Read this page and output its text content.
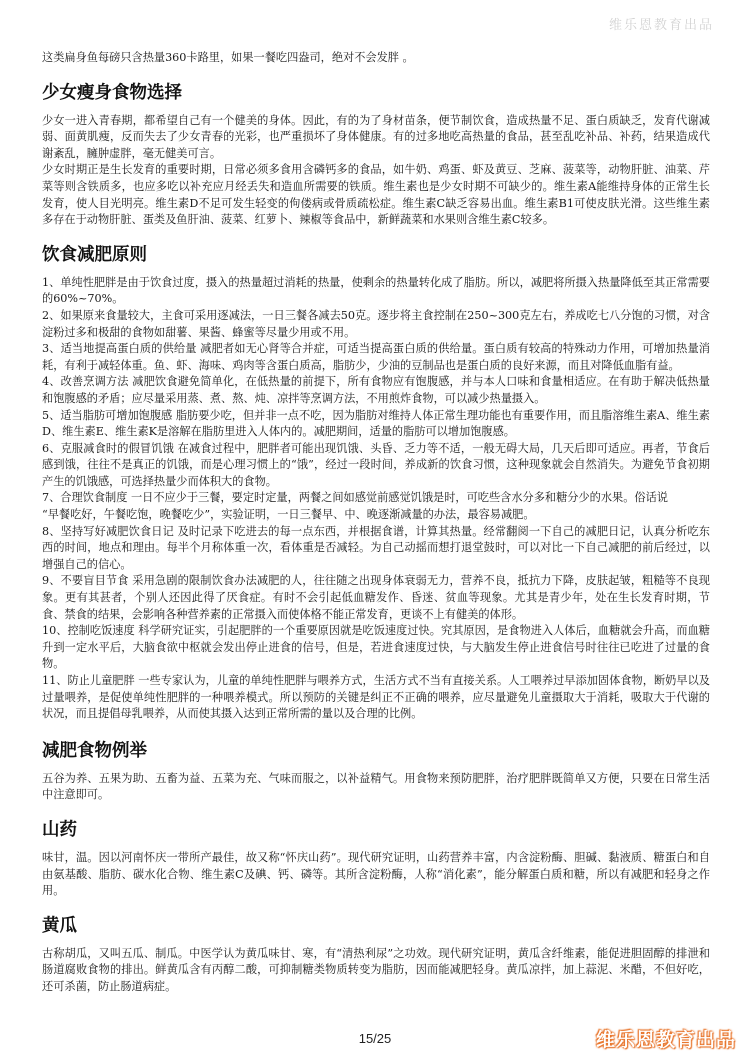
维乐恩教育出品

这类扁身鱼每磅只含热量360卡路里，如果一餐吃四盎司，绝对不会发胖 。

少女瘦身食物选择

少女一进入青春期，都希望自己有一个健美的身体。因此，有的为了身材苗条，便节制饮食，造成热量不足、蛋白质缺乏，发育代谢减弱、面黄肌瘦，反而失去了少女青春的光彩，也严重损坏了身体健康。有的过多地吃高热量的食品，甚至乱吃补品、补药，结果造成代谢紊乱，臃肿虚胖，毫无健美可言。

少女时期正是生长发育的重要时期，日常必须多食用含磷钙多的食品，如牛奶、鸡蛋、虾及黄豆、芝麻、菠菜等，动物肝脏、油菜、芹菜等则含铁质多，也应多吃以补充应月经丢失和造血所需要的铁质。维生素也是少女时期不可缺少的。维生素A能维持身体的正常生长发育，使人目光明亮。维生素D不足可发生轻变的佝偻病或骨质疏松症。维生素C缺乏容易出血。维生素B1可使皮肤光滑。这些维生素多存在于动物肝脏、蛋类及鱼肝油、菠菜、红萝卜、辣椒等食品中，新鲜蔬菜和水果则含维生素C较多。

饮食减肥原则

1、单纯性肥胖是由于饮食过度，摄入的热量超过消耗的热量，使剩余的热量转化成了脂肪。所以，减肥将所摄入热量降低至其正常需要的60%~70%。

2、如果原来食量较大，主食可采用逐减法，一日三餐各减去50克。逐步将主食控制在250~300克左右，养成吃七八分饱的习惯，对含淀粉过多和极甜的食物如甜薯、果酱、蜂蜜等尽量少用或不用。

3、适当地提高蛋白质的供给量 减肥者如无心肾等合并症，可适当提高蛋白质的供给量。蛋白质有较高的特殊动力作用，可增加热量消耗，有利于减轻体重。鱼、虾、海味、鸡肉等含蛋白质高，脂肪少，少油的豆制品也是蛋白质的良好来源，而且对降低血脂有益。

4、改善烹调方法 减肥饮食避免简单化，在低热量的前提下，所有食物应有饱腹感，并与本人口味和食量相适应。在有助于解决低热量和饱腹感的矛盾；应尽量采用蒸、煮、熬、炖、凉拌等烹调方法，不用煎炸食物，可以减少热量摄入。

5、适当脂肪可增加饱腹感 脂肪要少吃，但并非一点不吃，因为脂肪对维持人体正常生理功能也有重要作用，而且脂溶维生素A、维生素D、维生素E、维生素K是溶解在脂肪里进入人体内的。减肥期间，适量的脂肪可以增加饱腹感。

6、克服减食时的假冒饥饿 在减食过程中，肥胖者可能出现饥饿、头昏、乏力等不适，一般无碍大局，几天后即可适应。再者，节食后感到饿，往往不是真正的饥饿，而是心理习惯上的“饿”，经过一段时间，养成新的饮食习惯，这种现象就会自然消失。为避免节食初期产生的饥饿感，可选择热量少而体积大的食物。

7、合理饮食制度 一日不应少于三餐，要定时定量，两餐之间如感觉前感觉饥饿是时，可吃些含水分多和糖分少的水果。俗话说

“早餐吃好，午餐吃饱，晚餐吃少”，实验证明，一日三餐早、中、晚逐渐减量的办法，最容易减肥。

8、坚持写好减肥饮食日记 及时记录下吃进去的每一点东西，并根据食谱，计算其热量。经常翻阅一下自己的减肥日记，认真分析吃东西的时间，地点和理由。每半个月称体重一次，看体重是否减轻。为自己动摇而想打退堂鼓时，可以对比一下自己减肥的前后经过，以增强自己的信心。

9、不要盲目节食 采用急剧的限制饮食办法减肥的人，往往随之出现身体衰弱无力，营养不良，抵抗力下降，皮肤起皱，粗糙等不良现象。更有其甚者，个别人还因此得了厌食症。有时不会引起低血糖发作、昏迷、贫血等现象。尤其是青少年，处在生长发育时期，节食、禁食的结果，会影响各种营养素的正常摄入而使体格不能正常发育，更谈不上有健美的体形。

10、控制吃饭速度 科学研究证实，引起肥胖的一个重要原因就是吃饭速度过快。究其原因，是食物进入人体后，血糖就会升高，而血糖升到一定水平后，大脑食欲中枢就会发出停止进食的信号，但是，若进食速度过快，与大脑发生停止进食信号时往往已吃进了过量的食物。

11、防止儿童肥胖 一些专家认为，儿童的单纯性肥胖与喂养方式，生活方式不当有直接关系。人工喂养过早添加固体食物，断奶早以及过量喂养，是促使单纯性肥胖的一种喂养模式。所以预防的关键是纠正不正确的喂养，应尽量避免儿童摄取大于消耗，吸取大于代谢的状况，而且提倡母乳喂养，从而使其摄入达到正常所需的量以及合理的比例。

减肥食物例举

五谷为养、五果为助、五畜为益、五菜为充、气味而服之，以补益精气。用食物来预防肥胖，治疗肥胖既简单又方便，只要在日常生活中注意即可。

山药

味甘，温。因以河南怀庆一带所产最佳，故又称“怀庆山药”。现代研究证明，山药营养丰富，内含淀粉酶、胆碱、黏液质、糖蛋白和自由氨基酸、脂肪、碳水化合物、维生素C及碘、钙、磷等。其所含淀粉酶，人称“消化素”，能分解蛋白质和糖，所以有减肥和轻身之作用。

黄瓜

古称胡瓜，又叫五瓜、制瓜。中医学认为黄瓜味甘、寒，有“清热利尿”之功效。现代研究证明，黄瓜含纤维素，能促进胆固醇的排泄和肠道腐败食物的排出。鲜黄瓜含有丙醇二酸，可抑制糖类物质转变为脂肪，因而能减肥轻身。黄瓜凉拌，加上蒜泥、米醋，不但好吃，还可杀菌，防止肠道病症。

15/25	维乐恩教育出品
